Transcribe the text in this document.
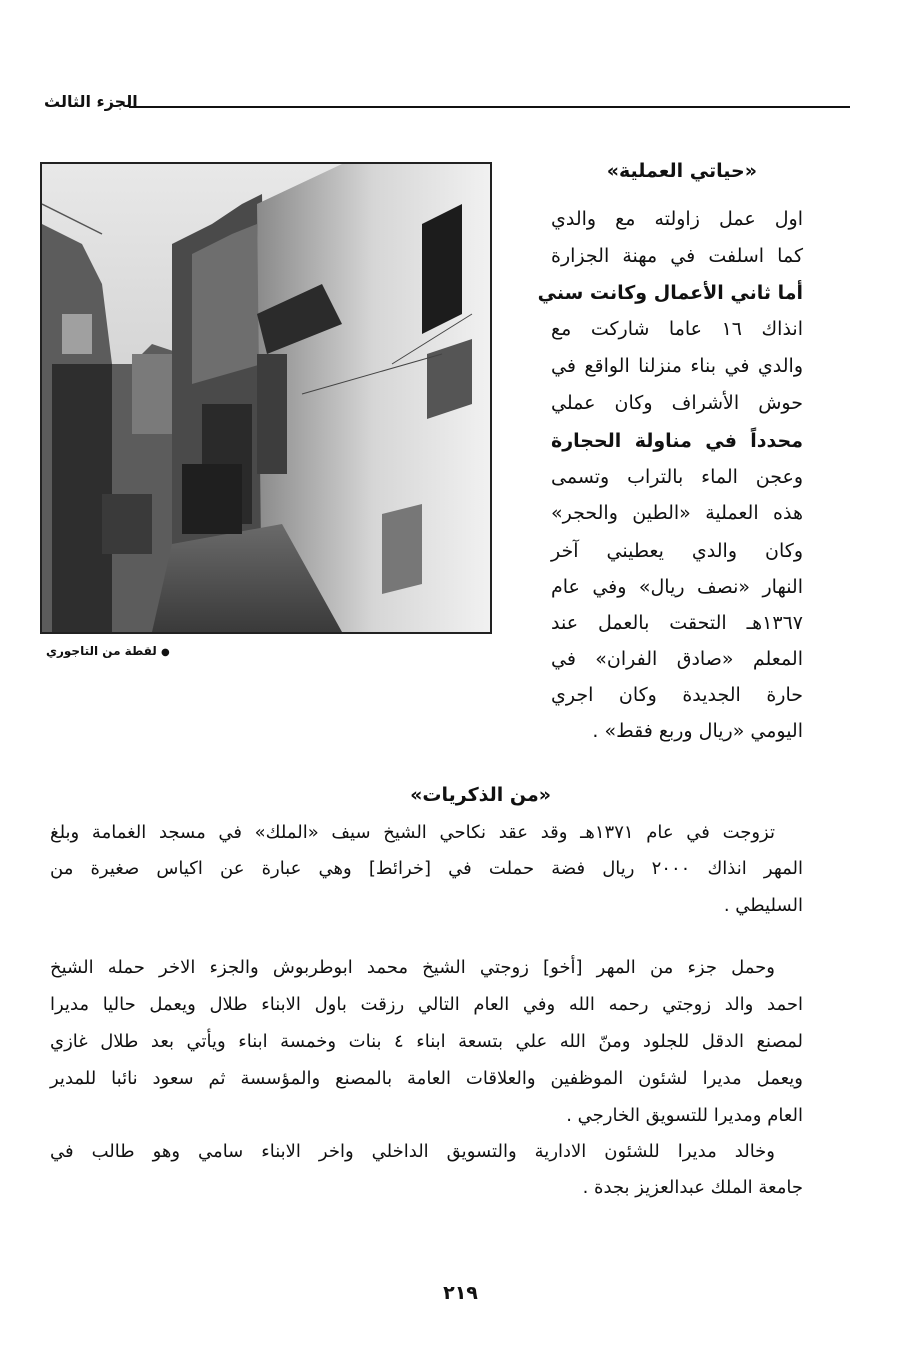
الجزء الثالث
● لقطة من التاجوري
«حياتي العملية»
اول عمل زاولته مع والدي
كما اسلفت في مهنة الجزارة
أما ثاني الأعمال وكانت سني
انذاك ١٦ عاما شاركت مع
والدي في بناء منزلنا الواقع في
حوش الأشراف وكان عملي
محدداً في مناولة الحجارة
وعجن الماء بالتراب وتسمى
هذه العملية «الطين والحجر»
وكان والدي يعطيني آخر
النهار «نصف ريال» وفي عام
١٣٦٧هـ التحقت بالعمل عند
المعلم «صادق الفران» في
حارة الجديدة وكان اجري
اليومي «ريال وربع فقط» .
«من الذكريات»
تزوجت في عام ١٣٧١هـ وقد عقد نكاحي الشيخ سيف «الملك» في مسجد الغمامة وبلغ
المهر انذاك ٢٠٠٠ ريال فضة حملت في [خرائط] وهي عبارة عن اكياس صغيرة من
السليطي .
وحمل جزء من المهر [أخو] زوجتي الشيخ محمد ابوطربوش والجزء الاخر حمله الشيخ
احمد والد زوجتي رحمه الله وفي العام التالي رزقت باول الابناء طلال ويعمل حاليا مديرا
لمصنع الدقل للجلود ومنّ الله علي بتسعة ابناء ٤ بنات وخمسة ابناء ويأتي بعد طلال غازي
ويعمل مديرا لشئون الموظفين والعلاقات العامة بالمصنع والمؤسسة ثم سعود نائبا للمدير
العام ومديرا للتسويق الخارجي .
وخالد مديرا للشئون الادارية والتسويق الداخلي واخر الابناء سامي وهو طالب في
جامعة الملك عبدالعزيز بجدة .
٢١٩
